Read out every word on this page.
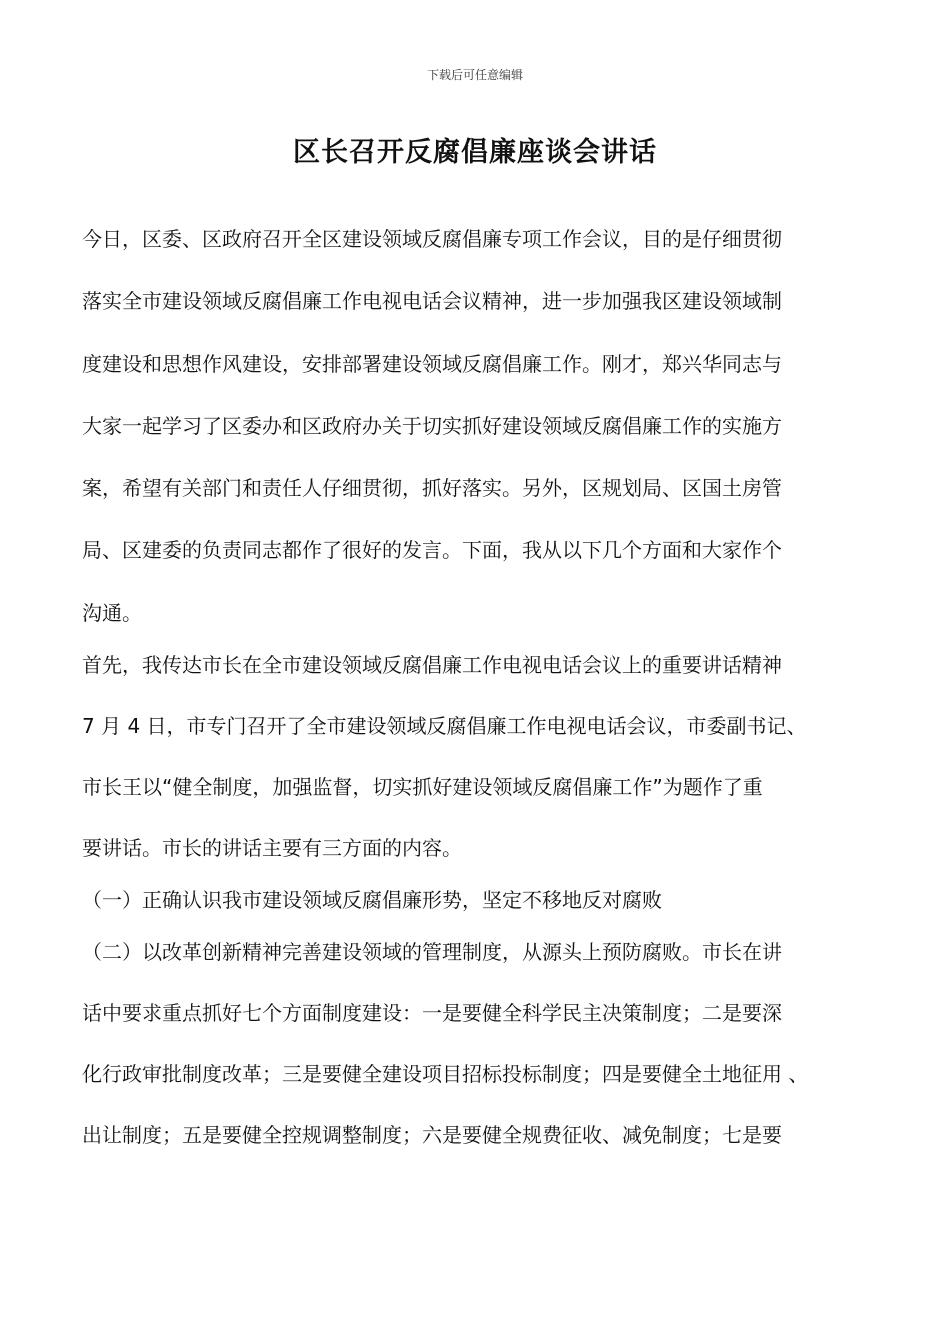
下载后可任意编辑
区长召开反腐倡廉座谈会讲话
今日，区委、区政府召开全区建设领域反腐倡廉专项工作会议，目的是仔细贯彻
落实全市建设领域反腐倡廉工作电视电话会议精神，进一步加强我区建设领域制
度建设和思想作风建设，安排部署建设领域反腐倡廉工作。刚才，郑兴华同志与
大家一起学习了区委办和区政府办关于切实抓好建设领域反腐倡廉工作的实施方
案，希望有关部门和责任人仔细贯彻，抓好落实。另外，区规划局、区国土房管
局、区建委的负责同志都作了很好的发言。下面，我从以下几个方面和大家作个
沟通。
首先，我传达市长在全市建设领域反腐倡廉工作电视电话会议上的重要讲话精神
7 月 4 日，市专门召开了全市建设领域反腐倡廉工作电视电话会议，市委副书记、
市长王以“健全制度，加强监督，切实抓好建设领域反腐倡廉工作”为题作了重
要讲话。市长的讲话主要有三方面的内容。
（一）正确认识我市建设领域反腐倡廉形势，坚定不移地反对腐败
（二）以改革创新精神完善建设领域的管理制度，从源头上预防腐败。市长在讲
话中要求重点抓好七个方面制度建设：一是要健全科学民主决策制度；二是要深
化行政审批制度改革；三是要健全建设项目招标投标制度；四是要健全土地征用 、
出让制度；五是要健全控规调整制度；六是要健全规费征收、减免制度；七是要
